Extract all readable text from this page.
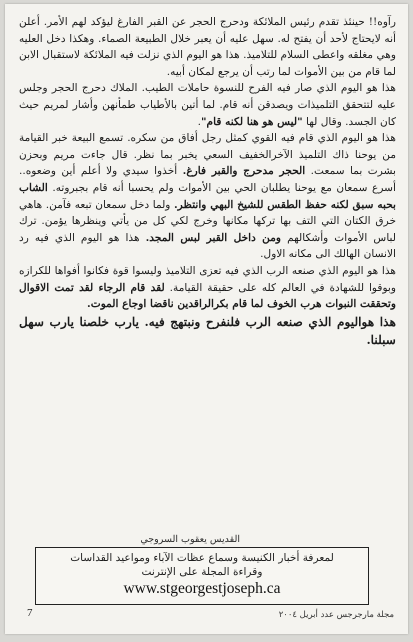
رآوه!! حينئذ تقدم رئيس الملائكة ودحرج الحجر عن القبر الفارغ ليؤكد لهم الأمر. أعلن أنه لايحتاج لأحد أن يفتح له. سهل عليه أن يعبر خلال الطبيعة الصماء. وهكذا دخل العليه وهي مغلقه واعطى السلام للتلاميذ. هذا هو اليوم الذي نزلت فيه الملائكة لاستقبال الابن لما قام من بين الأموات لما رتب أن يرجع لمكان أبيه.

هذا هو اليوم الذي صار فيه الفرح للنسوة حاملات الطيب. الملاك دحرج الحجر وجلس عليه لتتحقق التلميذات ويصدقن أنه قام. لما أتين بالأطياب طمأنهن وأشار لمريم حيث كان الجسد. وقال لها "ليس هو هنا لكنه قام".

هذا هو اليوم الذي قام فيه القوي كمثل رجل أفاق من سكره. تسمع البيعة خبر القيامة من يوحنا ذاك التلميذ الآخرالخفيف السعي يخبر بما نظر. قال جاءت مريم وبحزن بشرت بما سمعت. الحجر مدحرج والقبر فارغ. أخذوا سيدي ولا أعلم أين وضعوه.. أسرع سمعان مع يوحنا يطلبان الحي بين الأموات ولم يحسبا أنه قام بجبروته. الشاب بحبه سبق لكنه حفظ الطقس للشيخ البهي وانتظر. ولما دخل سمعان تبعه فآمن. هاهي خرق الكتان التي التف بها تركها مكانها وخرج لكي كل من يأتي وينظرها يؤمن. ترك لباس الأموات وأشكالهم ومن داخل القبر لبس المجد. هذا هو اليوم الذي فيه رد الانسان الهالك الى مكانه الاول.

هذا هو اليوم الذي صنعه الرب الذي فيه تعزى التلاميذ وليسوا قوة فكانوا أفواها للكرازه وبوقوا للشهادة في العالم كله على حقيقة القيامة. لقد قام الرجاء لقد تمت الاقوال وتحققت النبوات هرب الخوف لما قام بكرالراقدين ناقضا اوجاع الموت.

هذا هواليوم الذي صنعه الرب فلنفرح ونبتهج فيه. يارب خلصنا يارب سهل سبلنا.

القديس يعقوب السروجي
لمعرفة أخبار الكنيسة وسماع عظات الآباء ومواعيد القداسات
وقراءة المجلة على الإنترنت
www.stgeorgestjoseph.ca
7	مجلة مارجرجس عدد أبريل ٢٠٠٤
